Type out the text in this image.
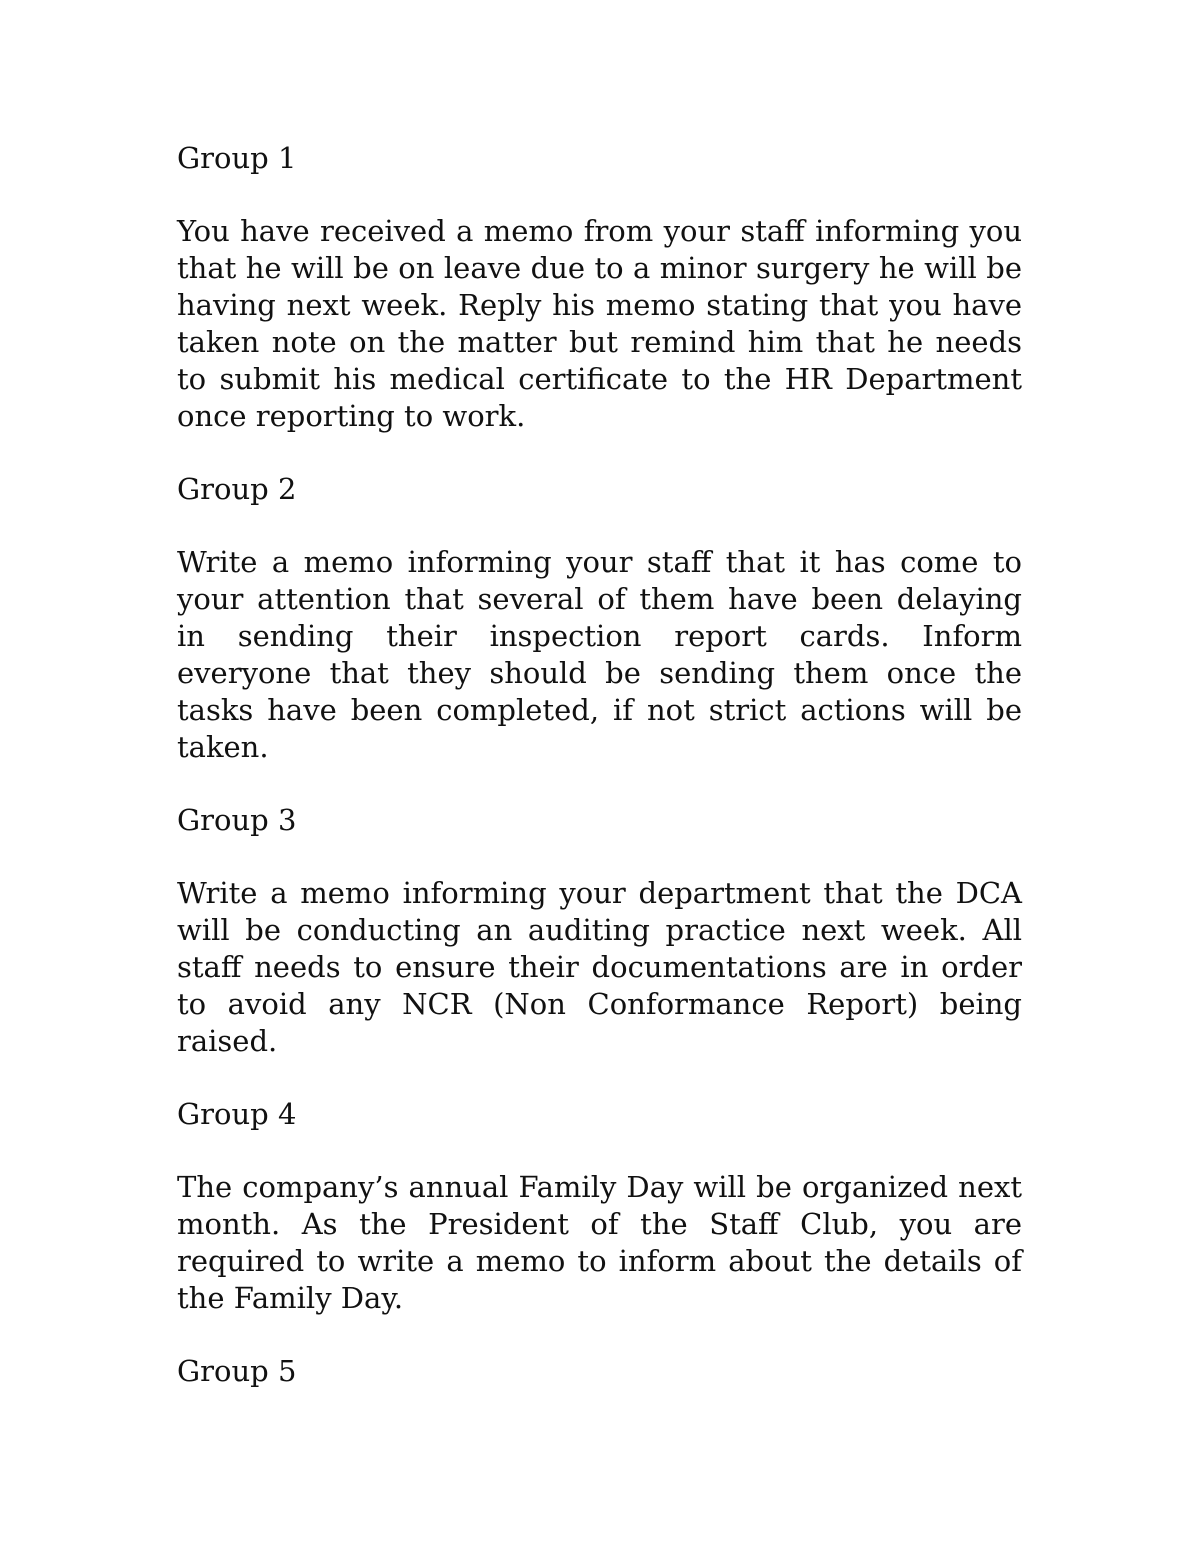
Group 1

You have received a memo from your staff informing you that he will be on leave due to a minor surgery he will be having next week. Reply his memo stating that you have taken note on the matter but remind him that he needs to submit his medical certificate to the HR Department once reporting to work.

Group 2

Write a memo informing your staff that it has come to your attention that several of them have been delaying in sending their inspection report cards. Inform everyone that they should be sending them once the tasks have been completed, if not strict actions will be taken.

Group 3

Write a memo informing your department that the DCA will be conducting an auditing practice next week. All staff needs to ensure their documentations are in order to avoid any NCR (Non Conformance Report) being raised.

Group 4

The company’s annual Family Day will be organized next month. As the President of the Staff Club, you are required to write a memo to inform about the details of the Family Day.

Group 5
